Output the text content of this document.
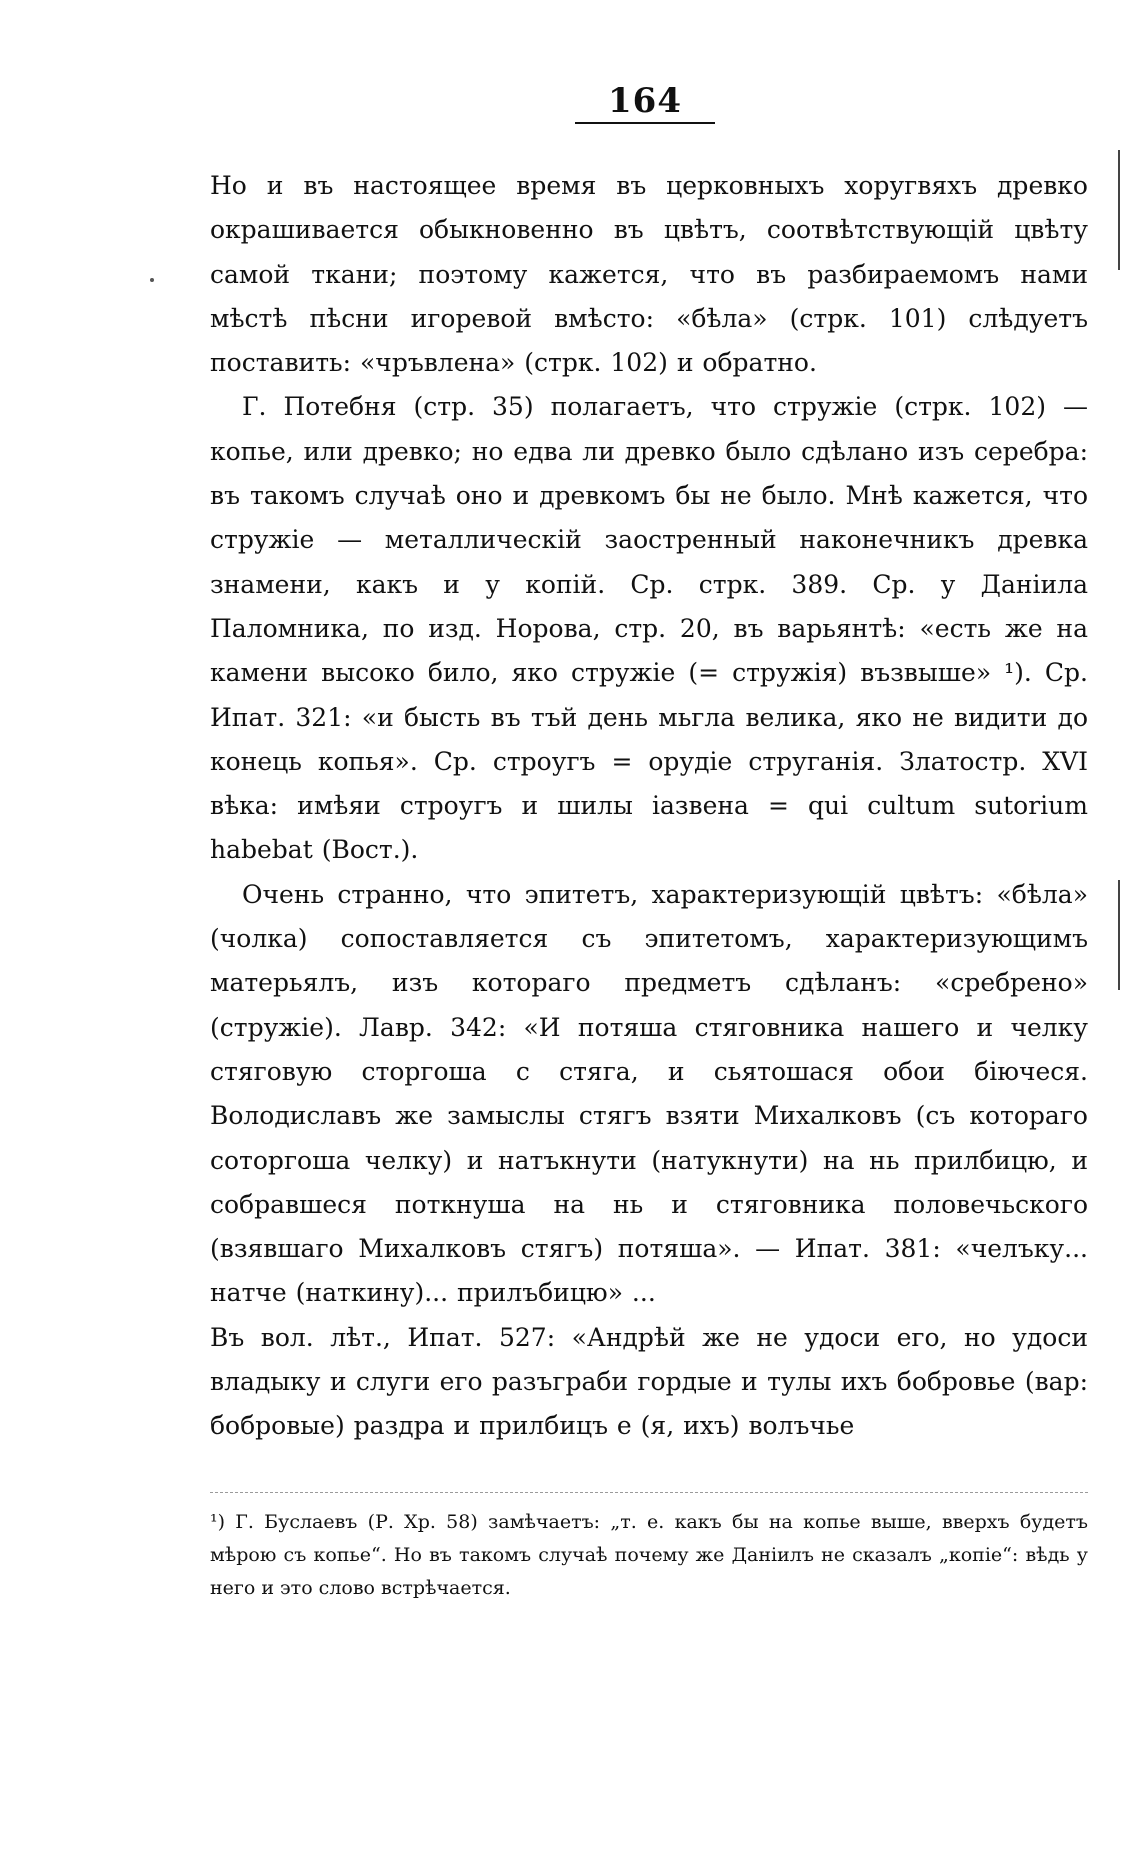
164

Но и въ настоящее время въ церковныхъ хоругвяхъ древко окрашивается обыкновенно въ цвѣтъ, соотвѣтствующій цвѣту самой ткани; поэтому кажется, что въ разбираемомъ нами мѣстѣ пѣсни игоревой вмѣсто: «бѣла» (стрк. 101) слѣдуетъ поставить: «чръвлена» (стрк. 102) и обратно.

Г. Потебня (стр. 35) полагаетъ, что стружіе (стрк. 102) — копье, или древко; но едва ли древко было сдѣлано изъ серебра: въ такомъ случаѣ оно и древкомъ бы не было. Мнѣ кажется, что стружіе — металлическій заостренный наконечникъ древка знамени, какъ и у копій. Ср. стрк. 389. Ср. у Даніила Паломника, по изд. Норова, стр. 20, въ варьянтѣ: «есть же на камени высоко било, яко стружіе (= стружія) възвыше» ¹). Ср. Ипат. 321: «и бысть въ тъй день мьгла велика, яко не видити до конець копья». Ср. строугъ = орудіе струганія. Златостр. XVI вѣка: имѣяи строугъ и шилы іазвена = qui cultum sutorium habebat (Вост.).

Очень странно, что эпитетъ, характеризующій цвѣтъ: «бѣла» (чолка) сопоставляется съ эпитетомъ, характеризующимъ матерьялъ, изъ котораго предметъ сдѣланъ: «сребрено» (стружіе). Лавр. 342: «И потяша стяговника нашего и челку стяговую сторгоша с стяга, и сьятошася обои біючеся. Володиславъ же замыслы стягъ взяти Михалковъ (съ котораго соторгоша челку) и натъкнути (натукнути) на нь прилбицю, и собравшеся поткнуша на нь и стяговника половечьского (взявшаго Михалковъ стягъ) потяша». — Ипат. 381: «челъку... натче (наткину)... прилъбицю» ...

Въ вол. лѣт., Ипат. 527: «Андрѣй же не удоси его, но удоси владыку и слуги его разъграби гордые и тулы ихъ бобровье (вар: бобровые) раздра и прилбицъ е (я, ихъ) волъчье

¹) Г. Буслаевъ (Р. Хр. 58) замѣчаетъ: „т. е. какъ бы на копье выше, вверхъ будетъ мѣрою съ копье“. Но въ такомъ случаѣ почему же Даніилъ не сказалъ „копіе“: вѣдь у него и это слово встрѣчается.
